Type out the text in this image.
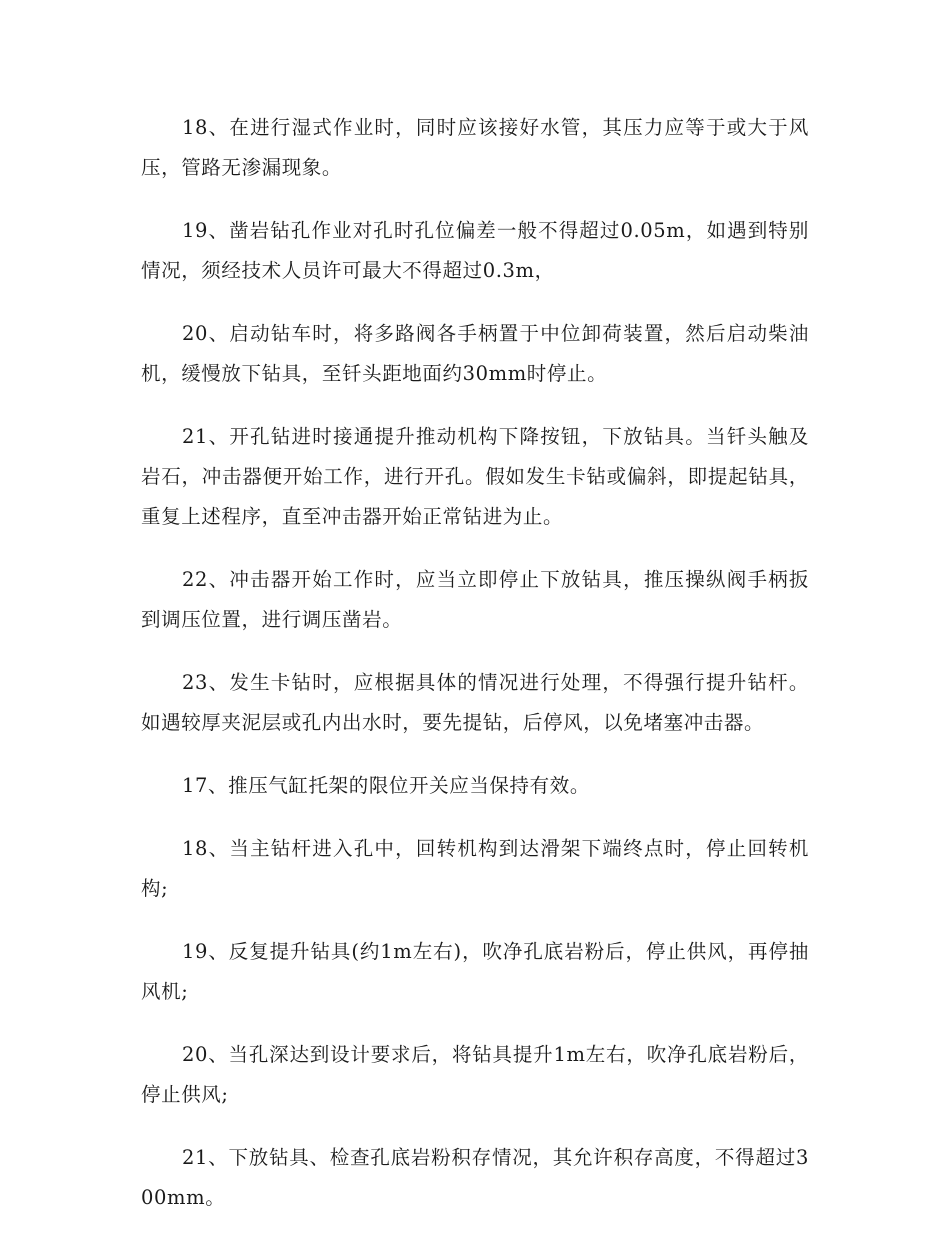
18、在进行湿式作业时，同时应该接好水管，其压力应等于或大于风压，管路无渗漏现象。

19、凿岩钻孔作业对孔时孔位偏差一般不得超过0.05m，如遇到特别情况，须经技术人员许可最大不得超过0.3m，

20、启动钻车时，将多路阀各手柄置于中位卸荷装置，然后启动柴油机，缓慢放下钻具，至钎头距地面约30mm时停止。

21、开孔钻进时接通提升推动机构下降按钮，下放钻具。当钎头触及岩石，冲击器便开始工作，进行开孔。假如发生卡钻或偏斜，即提起钻具，重复上述程序，直至冲击器开始正常钻进为止。

22、冲击器开始工作时，应当立即停止下放钻具，推压操纵阀手柄扳到调压位置，进行调压凿岩。

23、发生卡钻时，应根据具体的情况进行处理，不得强行提升钻杆。如遇较厚夹泥层或孔内出水时，要先提钻，后停风，以免堵塞冲击器。

17、推压气缸托架的限位开关应当保持有效。

18、当主钻杆进入孔中，回转机构到达滑架下端终点时，停止回转机构;

19、反复提升钻具(约1m左右)，吹净孔底岩粉后，停止供风，再停抽风机;

20、当孔深达到设计要求后，将钻具提升1m左右，吹净孔底岩粉后，停止供风;

21、下放钻具、检查孔底岩粉积存情况，其允许积存高度，不得超过300mm。
